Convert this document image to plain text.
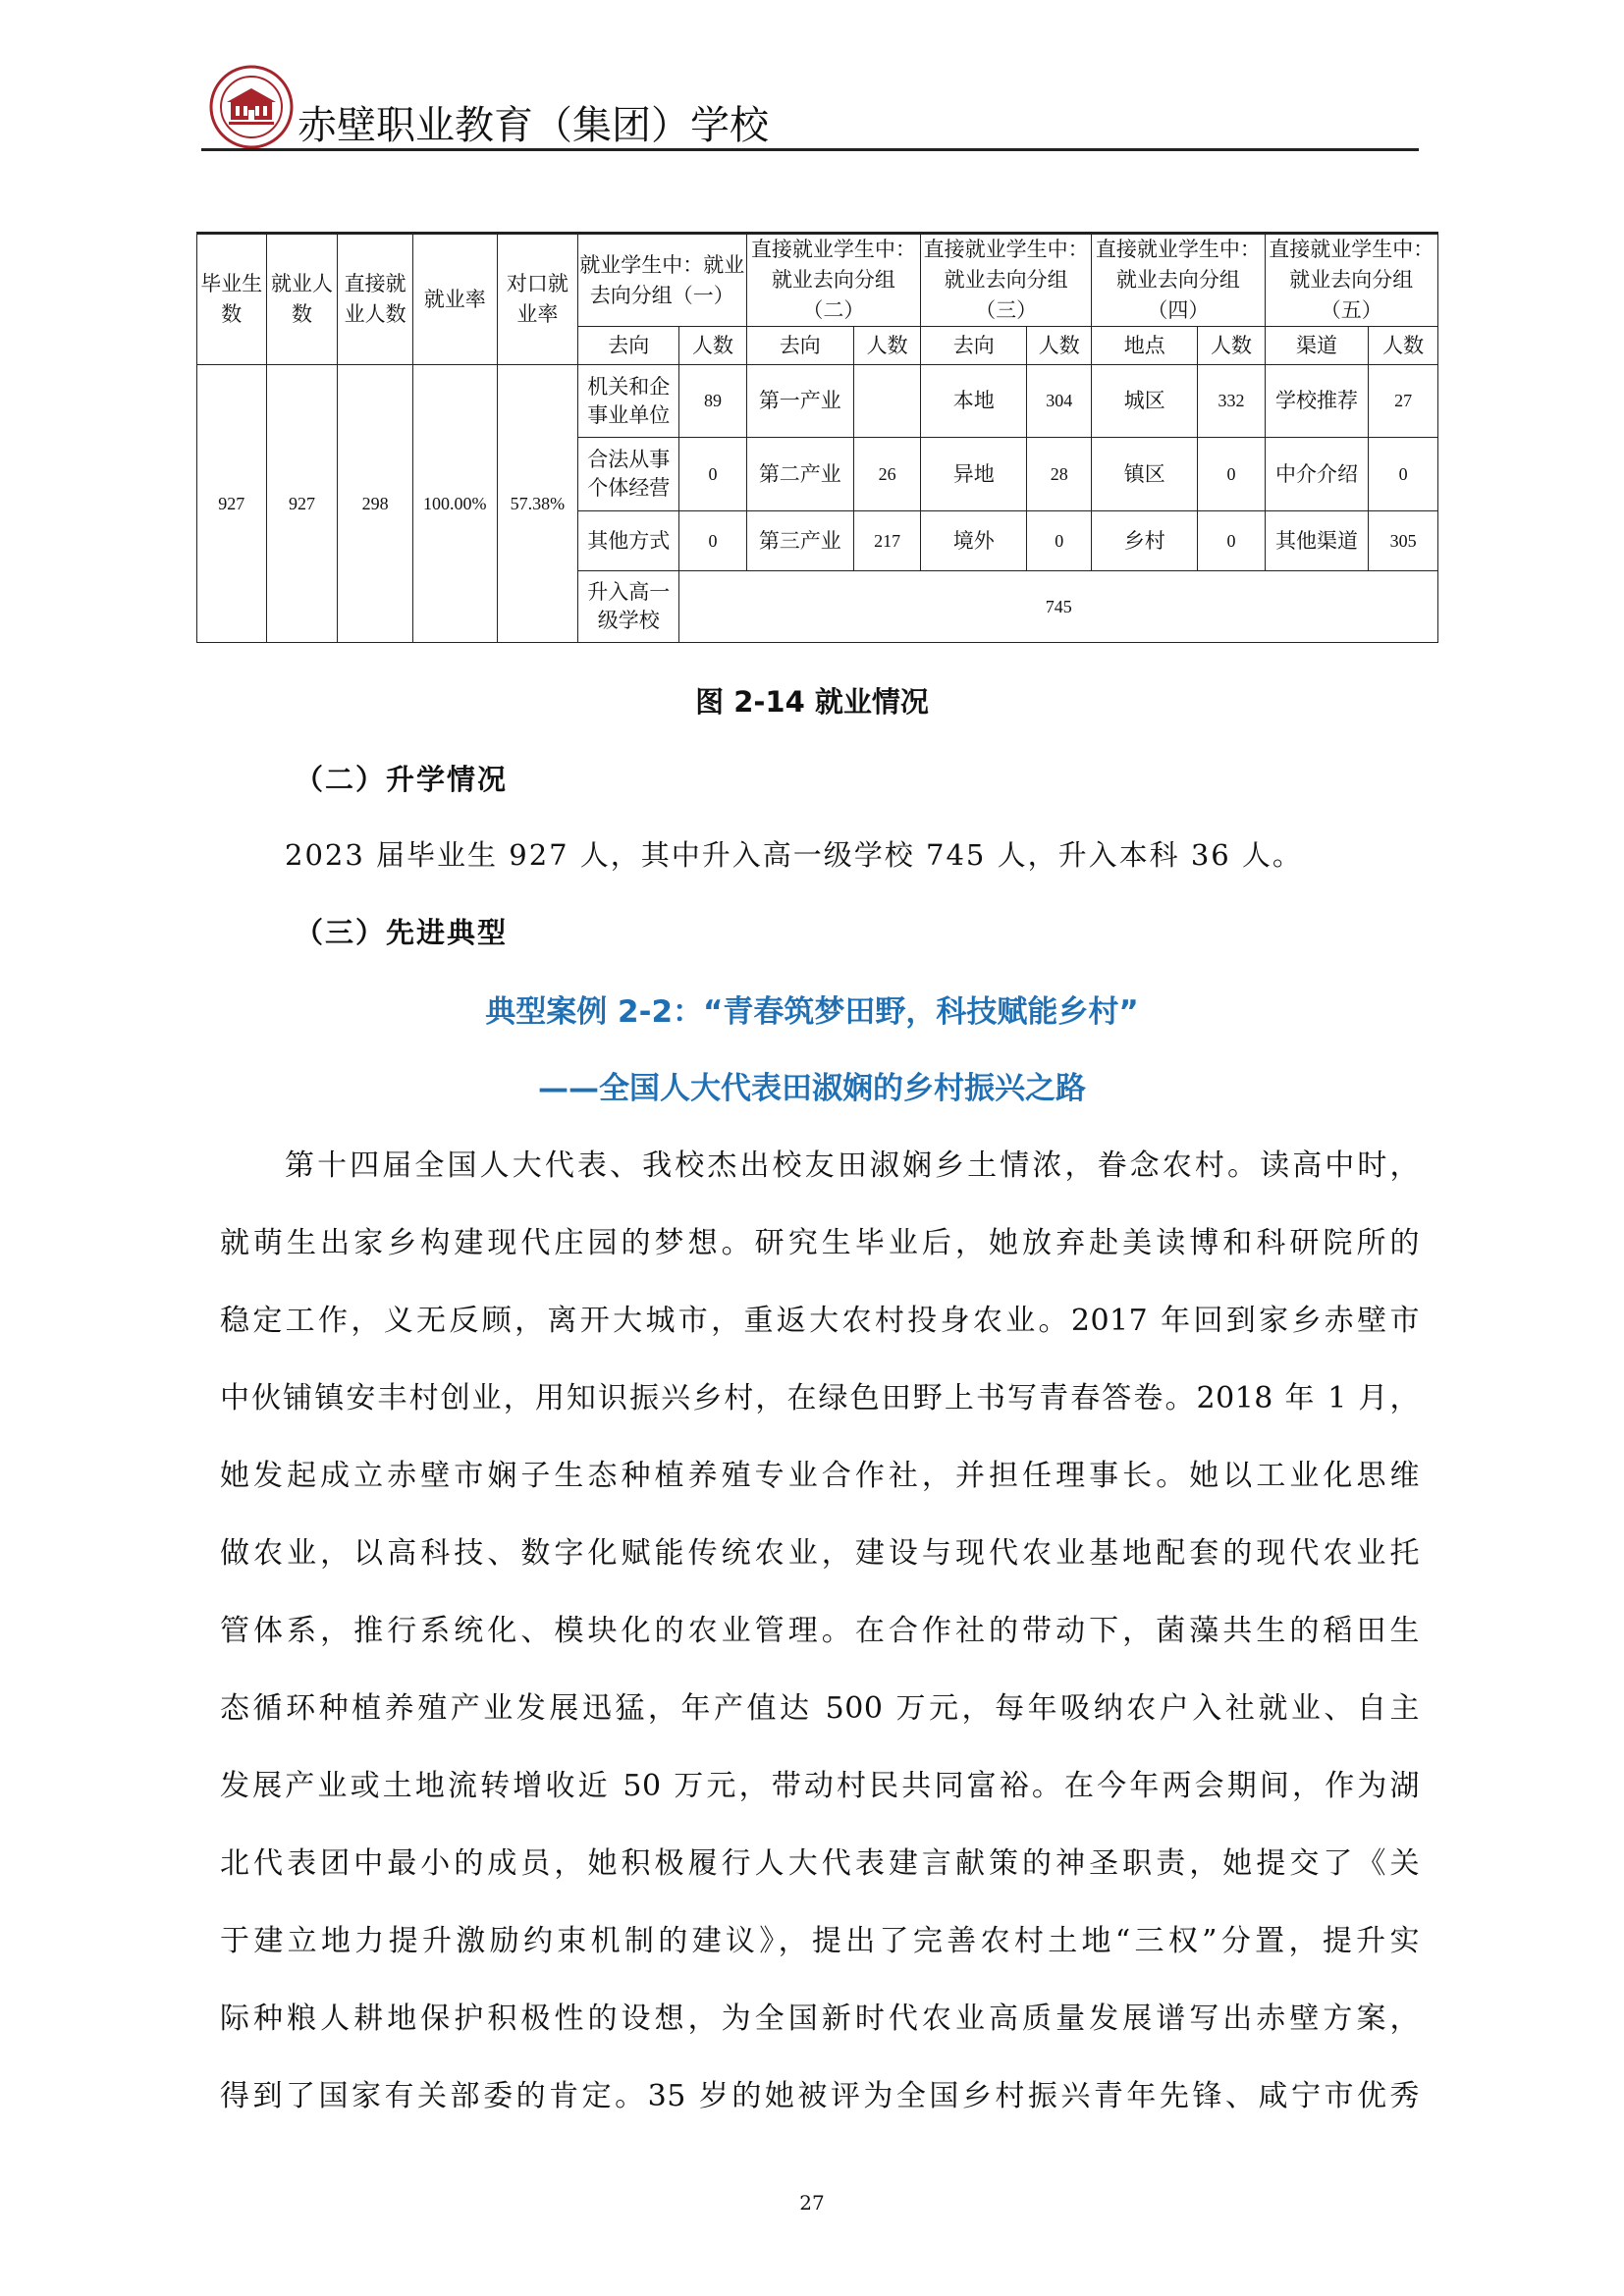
赤壁职业教育（集团）学校
毕业生数	就业人数	直接就业人数	就业率	对口就业率	就业学生中：就业去向分组（一）		直接就业学生中：就业去向分组（二）		直接就业学生中：就业去向分组（三）		直接就业学生中：就业去向分组（四）		直接就业学生中：就业去向分组（五）	
					去向	人数	去向	人数	去向	人数	地点	人数	渠道	人数
927	927	298	100.00%	57.38%	机关和企事业单位	89	第一产业		本地	304	城区	332	学校推荐	27
					合法从事个体经营	0	第二产业	26	异地	28	镇区	0	中介介绍	0
					其他方式	0	第三产业	217	境外	0	乡村	0	其他渠道	305
					升入高一级学校	745								
图 2-14 就业情况
（二）升学情况
2023 届毕业生 927 人，其中升入高一级学校 745 人，升入本科 36 人。
（三）先进典型
典型案例 2-2：“青春筑梦田野，科技赋能乡村”
——全国人大代表田淑娴的乡村振兴之路
第十四届全国人大代表、我校杰出校友田淑娴乡土情浓，眷念农村。读高中时，
就萌生出家乡构建现代庄园的梦想。研究生毕业后，她放弃赴美读博和科研院所的
稳定工作，义无反顾，离开大城市，重返大农村投身农业。2017 年回到家乡赤壁市
中伙铺镇安丰村创业，用知识振兴乡村，在绿色田野上书写青春答卷。2018 年 1 月，
她发起成立赤壁市娴子生态种植养殖专业合作社，并担任理事长。她以工业化思维
做农业，以高科技、数字化赋能传统农业，建设与现代农业基地配套的现代农业托
管体系，推行系统化、模块化的农业管理。在合作社的带动下，菌藻共生的稻田生
态循环种植养殖产业发展迅猛，年产值达 500 万元，每年吸纳农户入社就业、自主
发展产业或土地流转增收近 50 万元，带动村民共同富裕。在今年两会期间，作为湖
北代表团中最小的成员，她积极履行人大代表建言献策的神圣职责，她提交了《关
于建立地力提升激励约束机制的建议》，提出了完善农村土地“三权”分置，提升实
际种粮人耕地保护积极性的设想，为全国新时代农业高质量发展谱写出赤壁方案，
得到了国家有关部委的肯定。35 岁的她被评为全国乡村振兴青年先锋、咸宁市优秀
27
